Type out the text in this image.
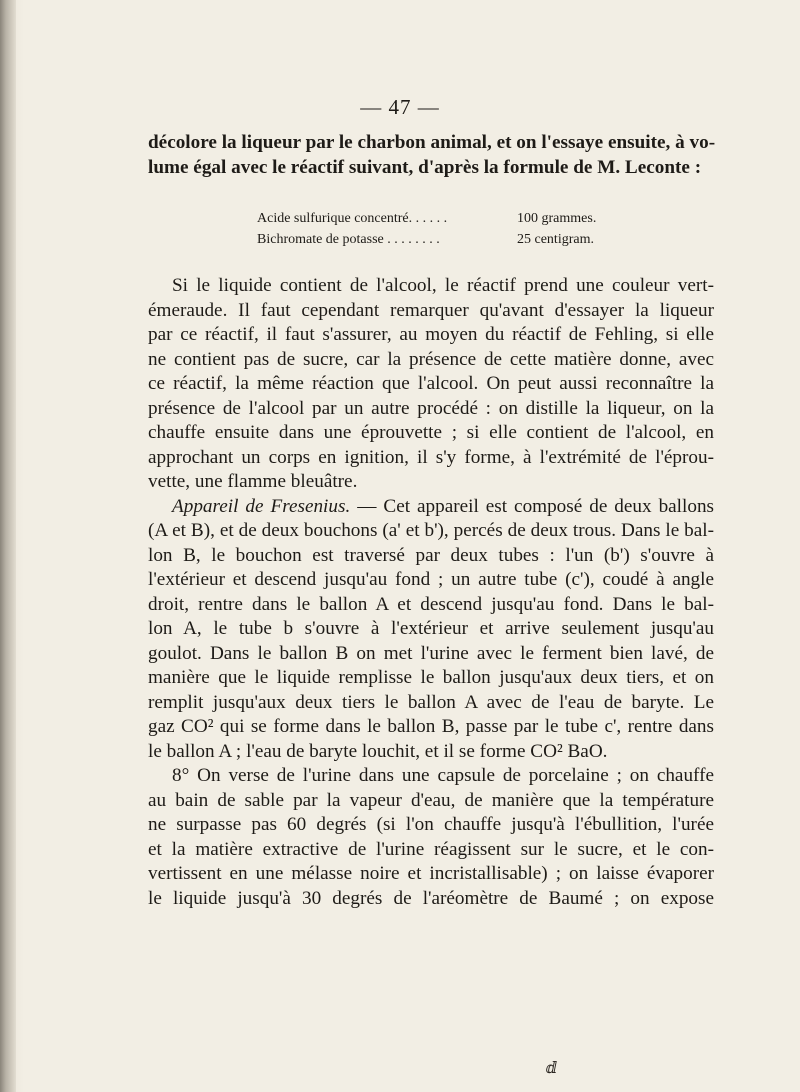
— 47 —
décolore la liqueur par le charbon animal, et on l'essaye ensuite, à vo-
lume égal avec le réactif suivant, d'après la formule de M. Leconte :
Acide sulfurique concentré. . . . . .	100 grammes.
Bichromate de potasse . . . . . . . .	25 centigram.
Si le liquide contient de l'alcool, le réactif prend une couleur vert-
émeraude. Il faut cependant remarquer qu'avant d'essayer la liqueur
par ce réactif, il faut s'assurer, au moyen du réactif de Fehling, si elle
ne contient pas de sucre, car la présence de cette matière donne, avec
ce réactif, la même réaction que l'alcool. On peut aussi reconnaître la
présence de l'alcool par un autre procédé : on distille la liqueur, on la
chauffe ensuite dans une éprouvette ; si elle contient de l'alcool, en
approchant un corps en ignition, il s'y forme, à l'extrémité de l'éprou-
vette, une flamme bleuâtre.
Appareil de Fresenius. — Cet appareil est composé de deux ballons
(A et B), et de deux bouchons (a' et b'), percés de deux trous. Dans le bal-
lon B, le bouchon est traversé par deux tubes : l'un (b') s'ouvre à
l'extérieur et descend jusqu'au fond ; un autre tube (c'), coudé à angle
droit, rentre dans le ballon A et descend jusqu'au fond. Dans le bal-
lon A, le tube b s'ouvre à l'extérieur et arrive seulement jusqu'au
goulot. Dans le ballon B on met l'urine avec le ferment bien lavé, de
manière que le liquide remplisse le ballon jusqu'aux deux tiers, et on
remplit jusqu'aux deux tiers le ballon A avec de l'eau de baryte. Le
gaz CO² qui se forme dans le ballon B, passe par le tube c', rentre dans
le ballon A ; l'eau de baryte louchit, et il se forme CO² BaO.
8° On verse de l'urine dans une capsule de porcelaine ; on chauffe
au bain de sable par la vapeur d'eau, de manière que la température
ne surpasse pas 60 degrés (si l'on chauffe jusqu'à l'ébullition, l'urée
et la matière extractive de l'urine réagissent sur le sucre, et le con-
vertissent en une mélasse noire et incristallisable) ; on laisse évaporer
le liquide jusqu'à 30 degrés de l'aréomètre de Baumé ; on expose
ⅆ
